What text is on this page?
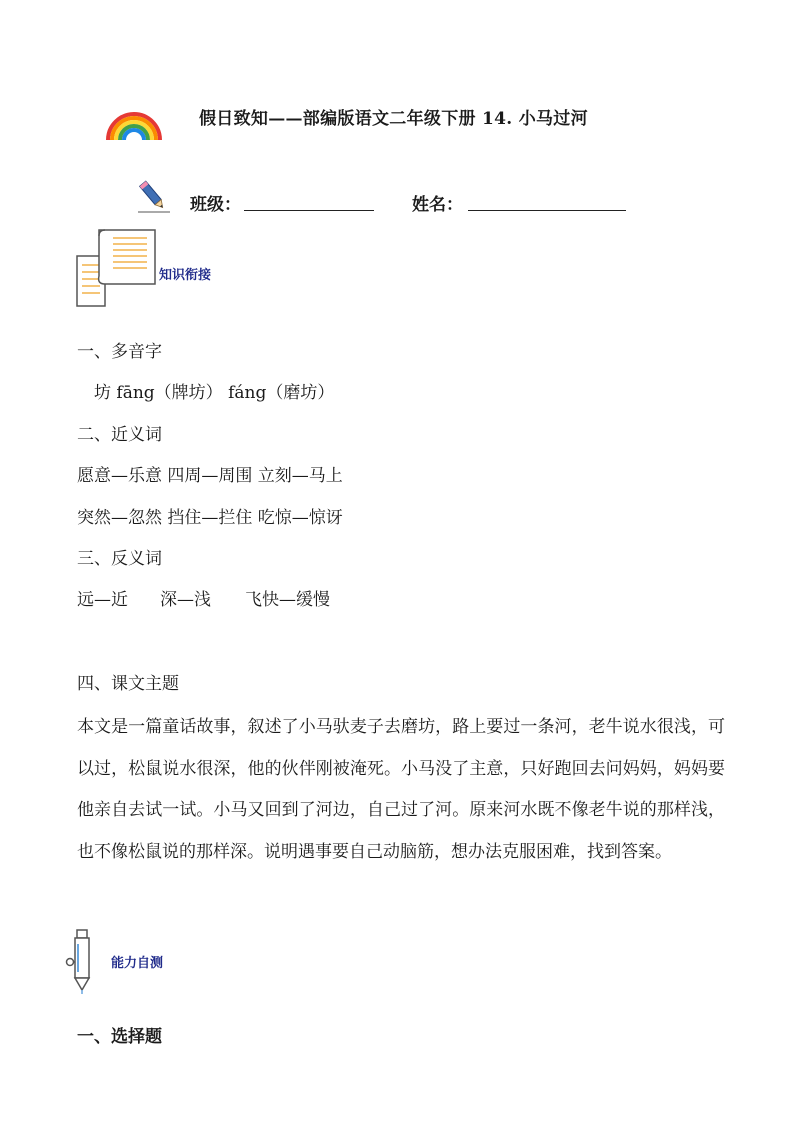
假日致知——部编版语文二年级下册 14. 小马过河
班级：	姓名：
知识衔接
一、多音字
坊 fāng（牌坊） fáng（磨坊）
二、近义词
愿意—乐意 四周—周围 立刻—马上
突然—忽然 挡住—拦住 吃惊—惊讶
三、反义词
远—近 深—浅 飞快—缓慢
四、课文主题
本文是一篇童话故事，叙述了小马驮麦子去磨坊，路上要过一条河，老牛说水很浅，可以过，松鼠说水很深，他的伙伴刚被淹死。小马没了主意，只好跑回去问妈妈，妈妈要他亲自去试一试。小马又回到了河边，自己过了河。原来河水既不像老牛说的那样浅，也不像松鼠说的那样深。说明遇事要自己动脑筋，想办法克服困难，找到答案。
能力自测
一、选择题
